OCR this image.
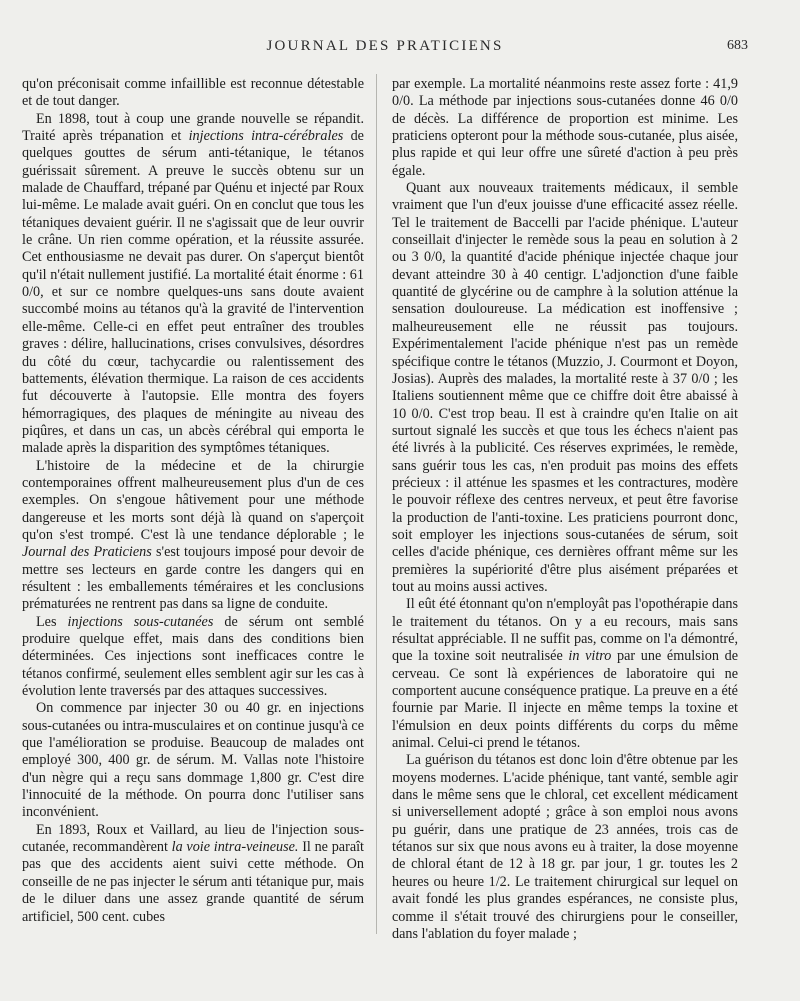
JOURNAL DES PRATICIENS	683

qu'on préconisait comme infaillible est reconnue détestable et de tout danger.

En 1898, tout à coup une grande nouvelle se répandit. Traité après trépanation et injections intra-cérébrales de quelques gouttes de sérum anti-tétanique, le tétanos guérissait sûrement. A preuve le succès obtenu sur un malade de Chauffard, trépané par Quénu et injecté par Roux lui-même. Le malade avait guéri. On en conclut que tous les tétaniques devaient guérir. Il ne s'agissait que de leur ouvrir le crâne. Un rien comme opération, et la réussite assurée. Cet enthousiasme ne devait pas durer. On s'aperçut bientôt qu'il n'était nullement justifié. La mortalité était énorme : 61 0/0, et sur ce nombre quelques-uns sans doute avaient succombé moins au tétanos qu'à la gravité de l'intervention elle-même. Celle-ci en effet peut entraîner des troubles graves : délire, hallucinations, crises convulsives, désordres du côté du cœur, tachycardie ou ralentissement des battements, élévation thermique. La raison de ces accidents fut découverte à l'autopsie. Elle montra des foyers hémorragiques, des plaques de méningite au niveau des piqûres, et dans un cas, un abcès cérébral qui emporta le malade après la disparition des symptômes tétaniques.

L'histoire de la médecine et de la chirurgie contemporaines offrent malheureusement plus d'un de ces exemples. On s'engoue hâtivement pour une méthode dangereuse et les morts sont déjà là quand on s'aperçoit qu'on s'est trompé. C'est là une tendance déplorable ; le Journal des Praticiens s'est toujours imposé pour devoir de mettre ses lecteurs en garde contre les dangers qui en résultent : les emballements téméraires et les conclusions prématurées ne rentrent pas dans sa ligne de conduite.

Les injections sous-cutanées de sérum ont semblé produire quelque effet, mais dans des conditions bien déterminées. Ces injections sont inefficaces contre le tétanos confirmé, seulement elles semblent agir sur les cas à évolution lente traversés par des attaques successives.

On commence par injecter 30 ou 40 gr. en injections sous-cutanées ou intra-musculaires et on continue jusqu'à ce que l'amélioration se produise. Beaucoup de malades ont employé 300, 400 gr. de sérum. M. Vallas note l'histoire d'un nègre qui a reçu sans dommage 1,800 gr. C'est dire l'innocuité de la méthode. On pourra donc l'utiliser sans inconvénient.

En 1893, Roux et Vaillard, au lieu de l'injection sous-cutanée, recommandèrent la voie intra-veineuse. Il ne paraît pas que des accidents aient suivi cette méthode. On conseille de ne pas injecter le sérum anti tétanique pur, mais de le diluer dans une assez grande quantité de sérum artificiel, 500 cent. cubes

par exemple. La mortalité néanmoins reste assez forte : 41,9 0/0. La méthode par injections sous-cutanées donne 46 0/0 de décès. La différence de proportion est minime. Les praticiens opteront pour la méthode sous-cutanée, plus aisée, plus rapide et qui leur offre une sûreté d'action à peu près égale.

Quant aux nouveaux traitements médicaux, il semble vraiment que l'un d'eux jouisse d'une efficacité assez réelle. Tel le traitement de Baccelli par l'acide phénique. L'auteur conseillait d'injecter le remède sous la peau en solution à 2 ou 3 0/0, la quantité d'acide phénique injectée chaque jour devant atteindre 30 à 40 centigr. L'adjonction d'une faible quantité de glycérine ou de camphre à la solution atténue la sensation douloureuse. La médication est inoffensive ; malheureusement elle ne réussit pas toujours. Expérimentalement l'acide phénique n'est pas un remède spécifique contre le tétanos (Muzzio, J. Courmont et Doyon, Josias). Auprès des malades, la mortalité reste à 37 0/0 ; les Italiens soutiennent même que ce chiffre doit être abaissé à 10 0/0. C'est trop beau. Il est à craindre qu'en Italie on ait surtout signalé les succès et que tous les échecs n'aient pas été livrés à la publicité. Ces réserves exprimées, le remède, sans guérir tous les cas, n'en produit pas moins des effets précieux : il atténue les spasmes et les contractures, modère le pouvoir réflexe des centres nerveux, et peut être favorise la production de l'anti-toxine. Les praticiens pourront donc, soit employer les injections sous-cutanées de sérum, soit celles d'acide phénique, ces dernières offrant même sur les premières la supériorité d'être plus aisément préparées et tout au moins aussi actives.

Il eût été étonnant qu'on n'employât pas l'opothérapie dans le traitement du tétanos. On y a eu recours, mais sans résultat appréciable. Il ne suffit pas, comme on l'a démontré, que la toxine soit neutralisée in vitro par une émulsion de cerveau. Ce sont là expériences de laboratoire qui ne comportent aucune conséquence pratique. La preuve en a été fournie par Marie. Il injecte en même temps la toxine et l'émulsion en deux points différents du corps du même animal. Celui-ci prend le tétanos.

La guérison du tétanos est donc loin d'être obtenue par les moyens modernes. L'acide phénique, tant vanté, semble agir dans le même sens que le chloral, cet excellent médicament si universellement adopté ; grâce à son emploi nous avons pu guérir, dans une pratique de 23 années, trois cas de tétanos sur six que nous avons eu à traiter, la dose moyenne de chloral étant de 12 à 18 gr. par jour, 1 gr. toutes les 2 heures ou heure 1/2. Le traitement chirurgical sur lequel on avait fondé les plus grandes espérances, ne consiste plus, comme il s'était trouvé des chirurgiens pour le conseiller, dans l'ablation du foyer malade ;
